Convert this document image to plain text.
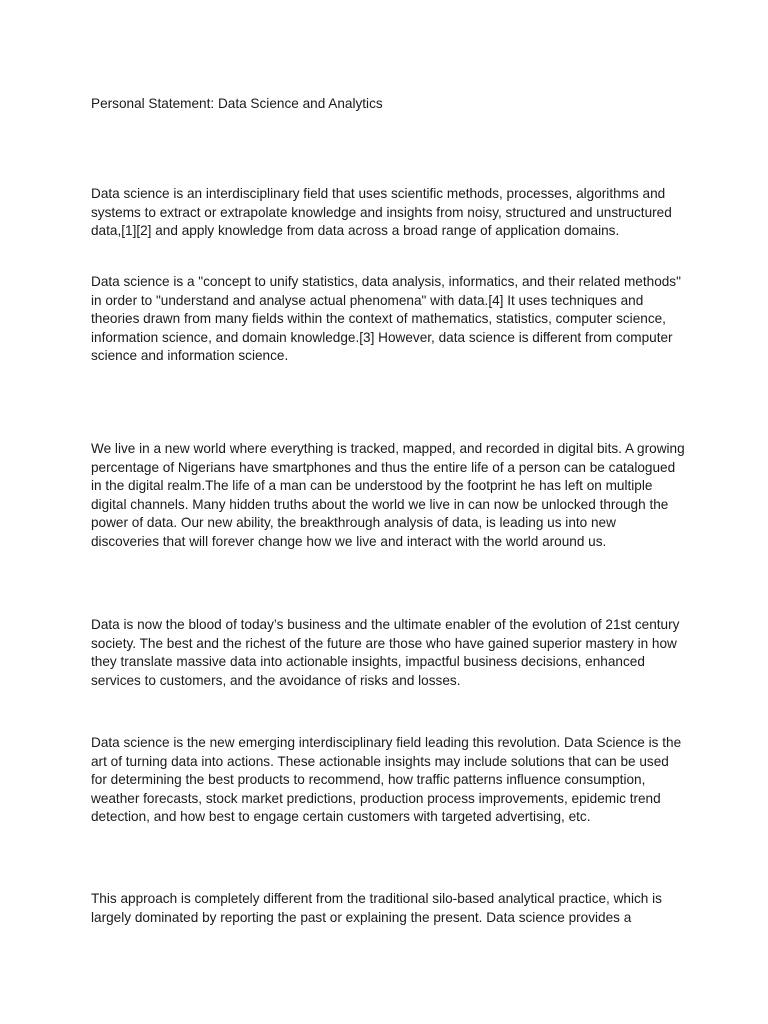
Personal Statement: Data Science and Analytics

Data science is an interdisciplinary field that uses scientific methods, processes, algorithms and systems to extract or extrapolate knowledge and insights from noisy, structured and unstructured data,[1][2] and apply knowledge from data across a broad range of application domains.

Data science is a "concept to unify statistics, data analysis, informatics, and their related methods" in order to "understand and analyse actual phenomena" with data.[4] It uses techniques and theories drawn from many fields within the context of mathematics, statistics, computer science, information science, and domain knowledge.[3] However, data science is different from computer science and information science.

We live in a new world where everything is tracked, mapped, and recorded in digital bits. A growing percentage of Nigerians have smartphones and thus the entire life of a person can be catalogued in the digital realm.The life of a man can be understood by the footprint he has left on multiple digital channels. Many hidden truths about the world we live in can now be unlocked through the power of data. Our new ability, the breakthrough analysis of data, is leading us into new discoveries that will forever change how we live and interact with the world around us.

Data is now the blood of today’s business and the ultimate enabler of the evolution of 21st century society. The best and the richest of the future are those who have gained superior mastery in how they translate massive data into actionable insights, impactful business decisions, enhanced services to customers, and the avoidance of risks and losses.

Data science is the new emerging interdisciplinary field leading this revolution. Data Science is the art of turning data into actions. These actionable insights may include solutions that can be used for determining the best products to recommend, how traffic patterns influence consumption, weather forecasts, stock market predictions, production process improvements, epidemic trend detection, and how best to engage certain customers with targeted advertising, etc.

This approach is completely different from the traditional silo-based analytical practice, which is largely dominated by reporting the past or explaining the present. Data science provides a
